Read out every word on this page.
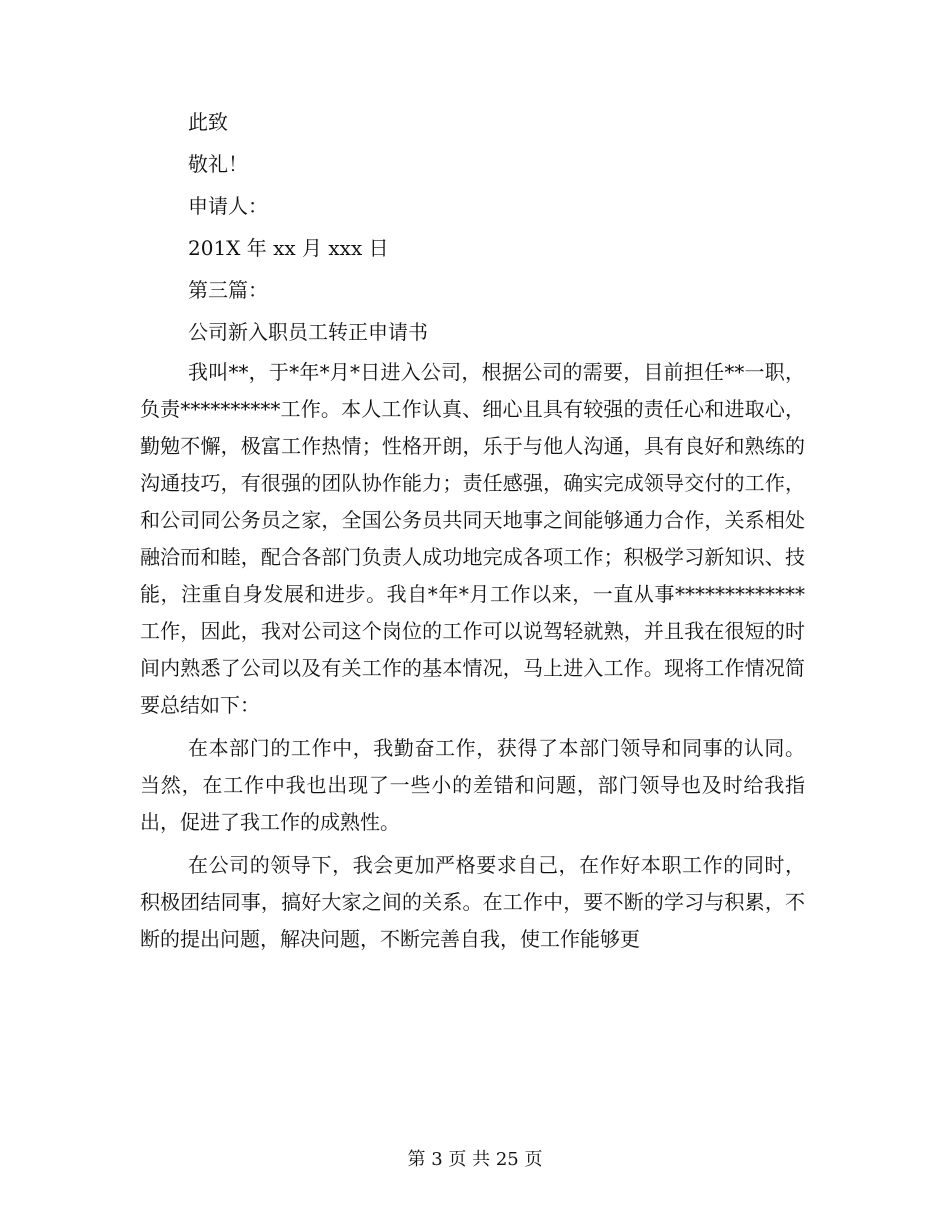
此致
敬礼！
申请人：
201X 年 xx 月 xxx 日
第三篇：
公司新入职员工转正申请书

我叫**，于*年*月*日进入公司，根据公司的需要，目前担任**一职，负责**********工作。本人工作认真、细心且具有较强的责任心和进取心，勤勉不懈，极富工作热情；性格开朗，乐于与他人沟通，具有良好和熟练的沟通技巧，有很强的团队协作能力；责任感强，确实完成领导交付的工作，和公司同公务员之家，全国公务员共同天地事之间能够通力合作，关系相处融洽而和睦，配合各部门负责人成功地完成各项工作；积极学习新知识、技能，注重自身发展和进步。我自*年*月工作以来，一直从事*************工作，因此，我对公司这个岗位的工作可以说驾轻就熟，并且我在很短的时间内熟悉了公司以及有关工作的基本情况，马上进入工作。现将工作情况简要总结如下：

在本部门的工作中，我勤奋工作，获得了本部门领导和同事的认同。当然，在工作中我也出现了一些小的差错和问题，部门领导也及时给我指出，促进了我工作的成熟性。

在公司的领导下，我会更加严格要求自己，在作好本职工作的同时，积极团结同事，搞好大家之间的关系。在工作中，要不断的学习与积累，不断的提出问题，解决问题，不断完善自我，使工作能够更

第 3 页 共 25 页
